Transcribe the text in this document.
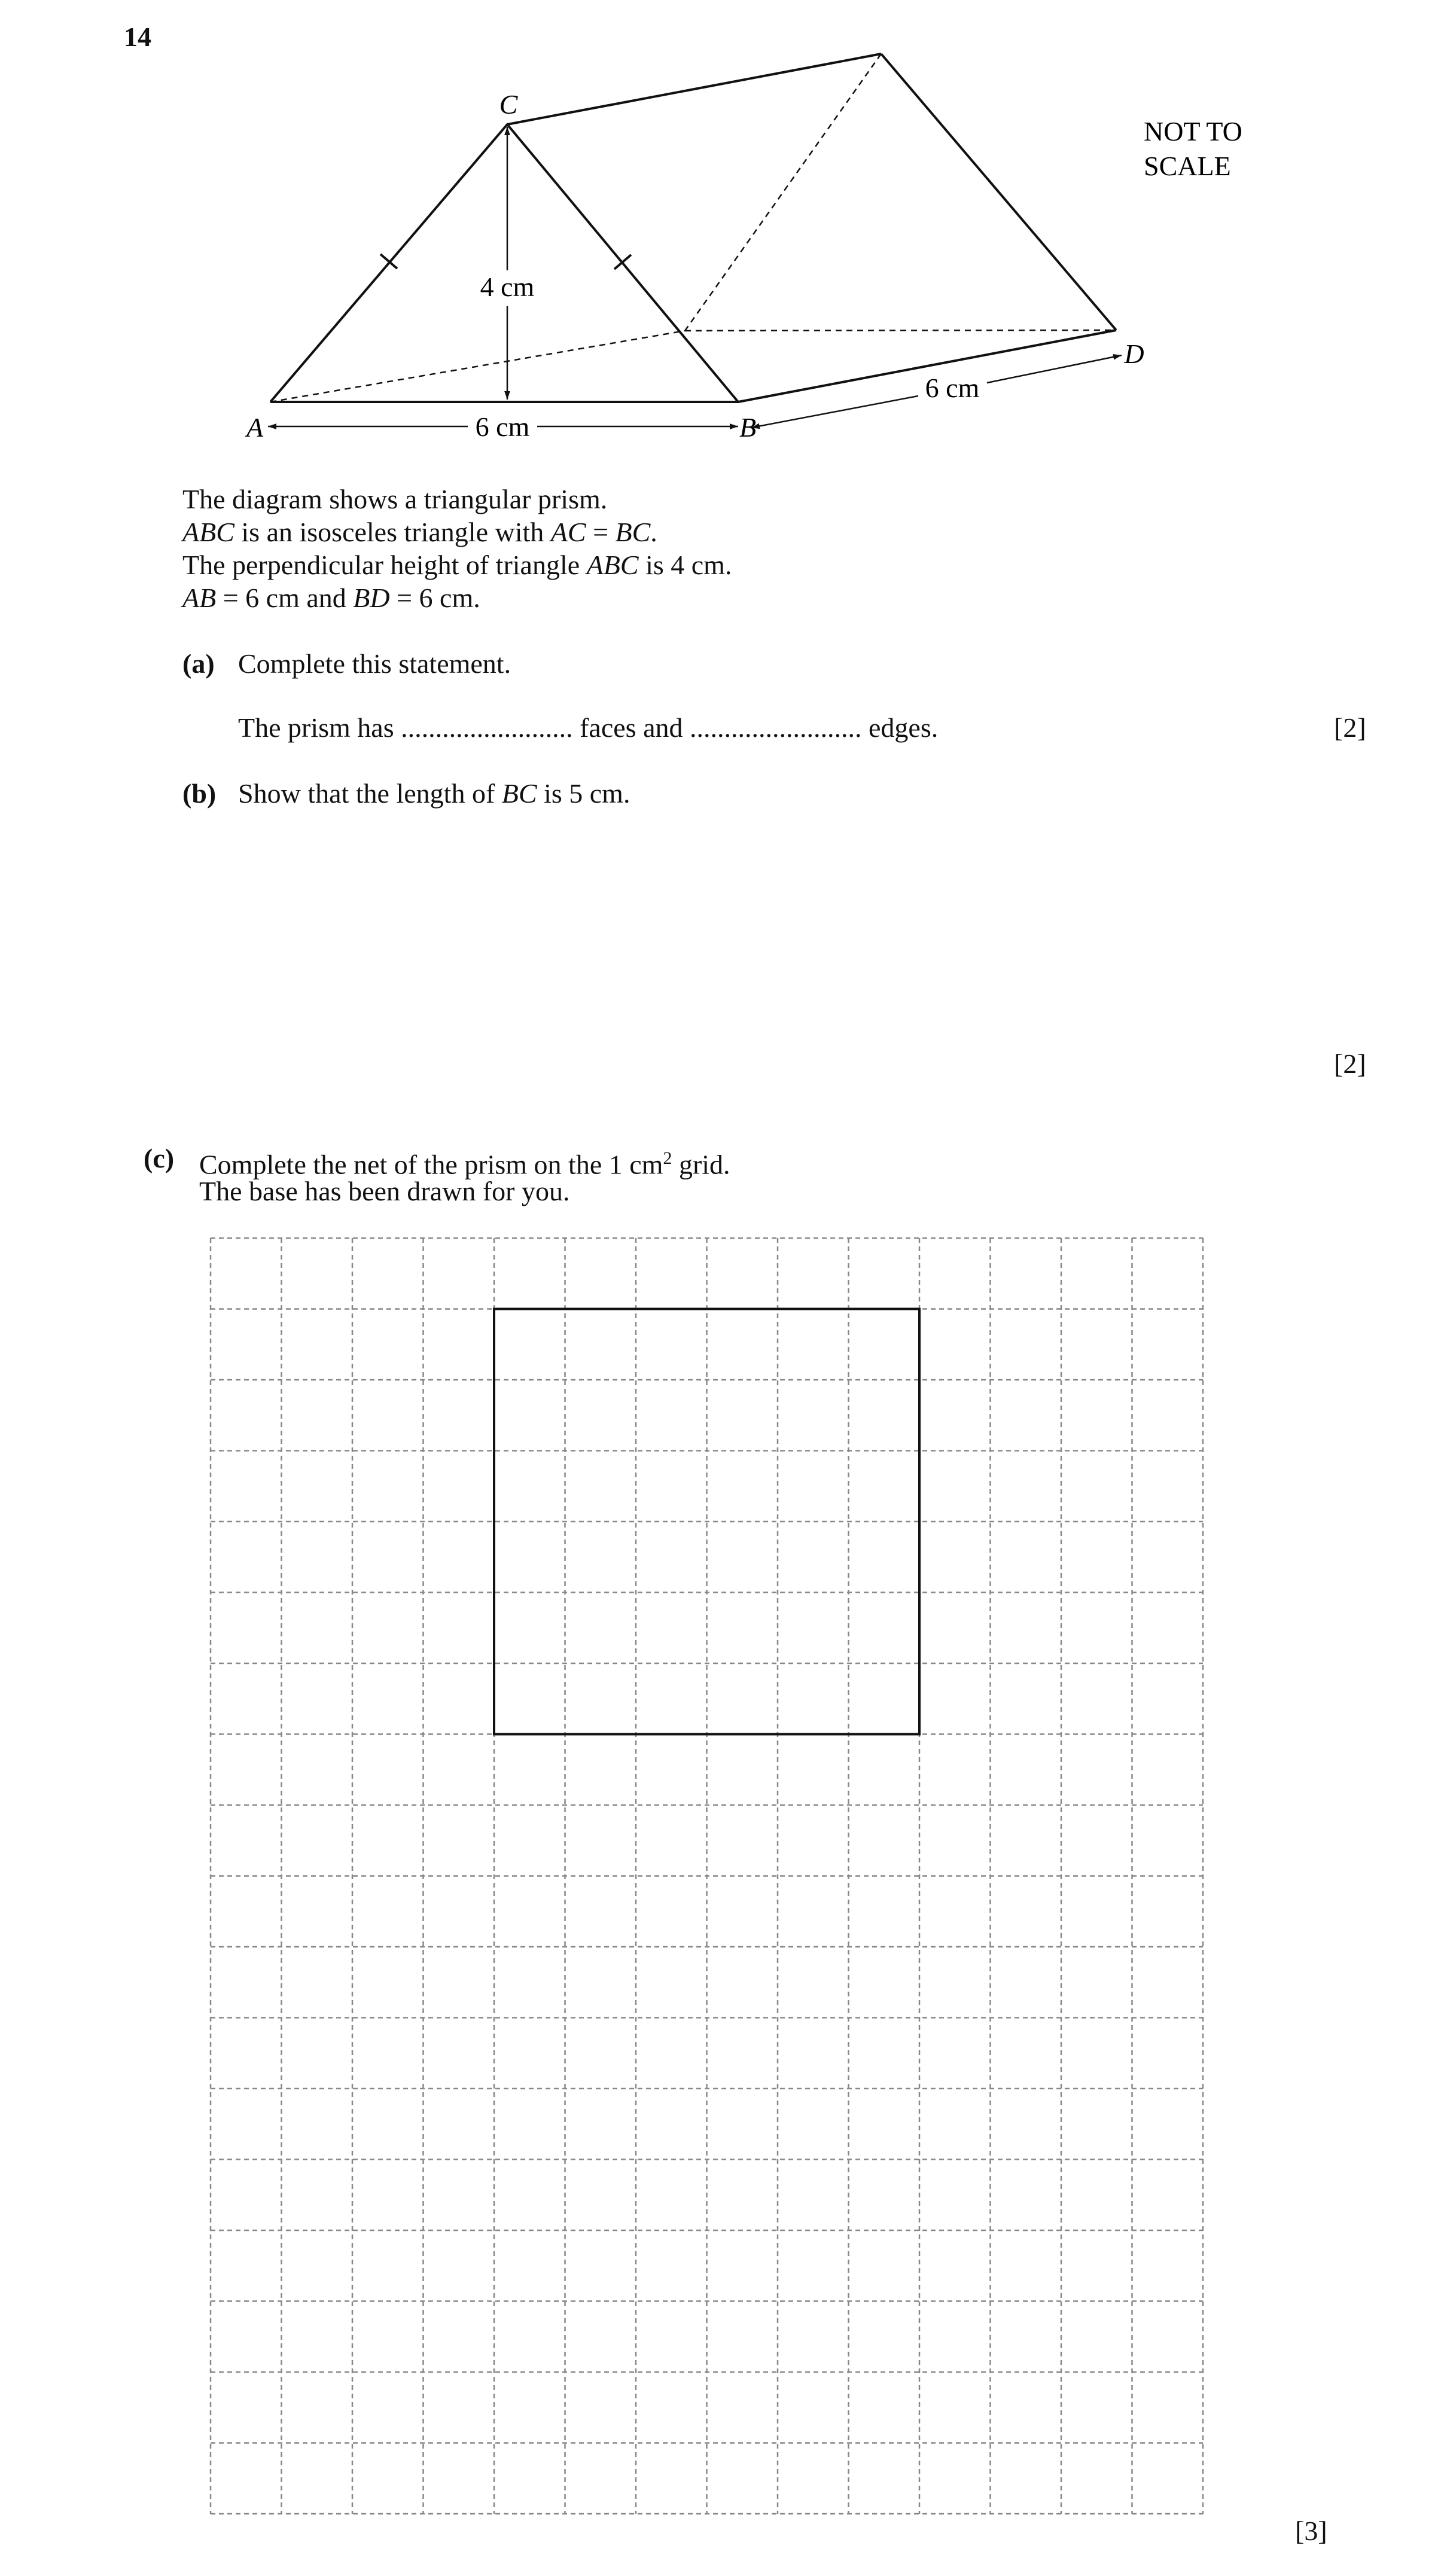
14
C
A	B
D
4 cm
6 cm
6 cm
NOT TO
SCALE
The diagram shows a triangular prism.
ABC is an isosceles triangle with AC = BC.
The perpendicular height of triangle ABC is 4 cm.
AB = 6 cm and BD = 6 cm.
(a) Complete this statement.
The prism has ......................... faces and ......................... edges.	[2]
(b) Show that the length of BC is 5 cm.
[2]
(c) Complete the net of the prism on the 1 $cm^2$ grid.
The base has been drawn for you.
[3]
